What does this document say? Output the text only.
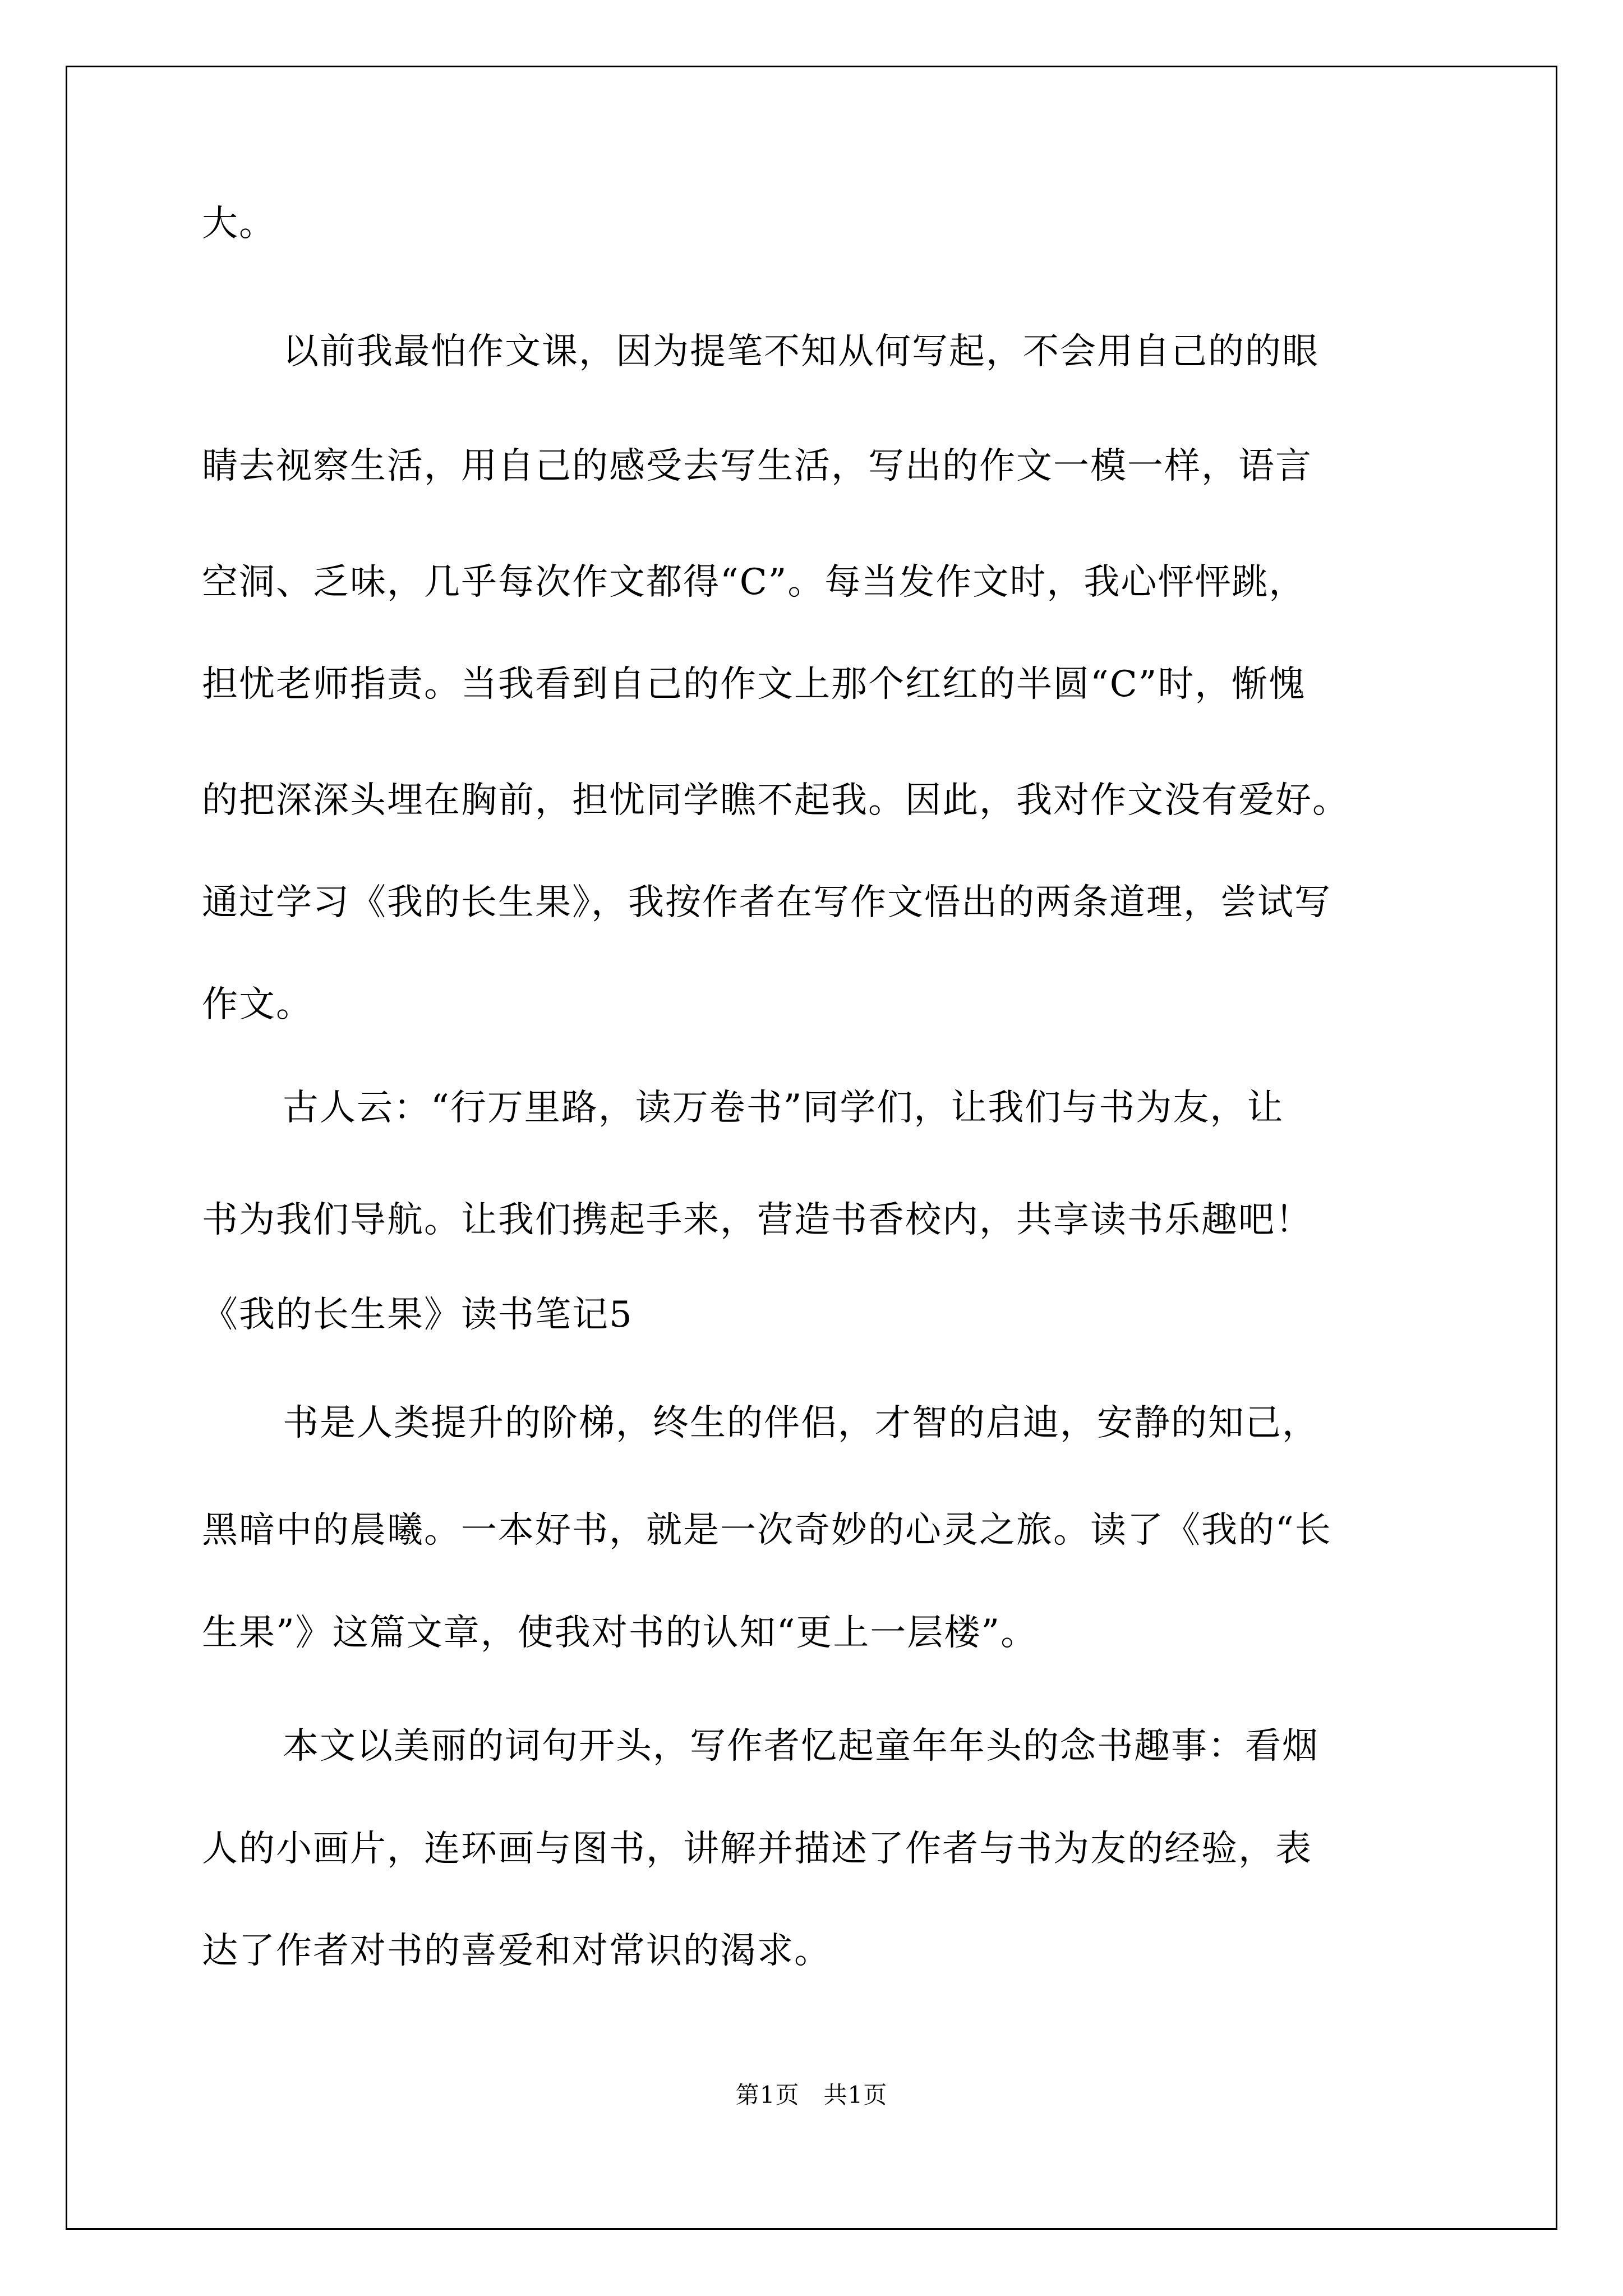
大。
以前我最怕作文课，因为提笔不知从何写起，不会用自己的的眼
睛去视察生活，用自己的感受去写生活，写出的作文一模一样，语言
空洞、乏味，几乎每次作文都得“C”。每当发作文时，我心怦怦跳，
担忧老师指责。当我看到自己的作文上那个红红的半圆“C”时，惭愧
的把深深头埋在胸前，担忧同学瞧不起我。因此，我对作文没有爱好。
通过学习《我的长生果》，我按作者在写作文悟出的两条道理，尝试写
作文。
古人云：“行万里路，读万卷书”同学们，让我们与书为友，让
书为我们导航。让我们携起手来，营造书香校内，共享读书乐趣吧！
《我的长生果》读书笔记5
书是人类提升的阶梯，终生的伴侣，才智的启迪，安静的知己，
黑暗中的晨曦。一本好书，就是一次奇妙的心灵之旅。读了《我的“长
生果”》这篇文章，使我对书的认知“更上一层楼”。
本文以美丽的词句开头，写作者忆起童年年头的念书趣事：看烟
人的小画片，连环画与图书，讲解并描述了作者与书为友的经验，表
达了作者对书的喜爱和对常识的渴求。
第1页　共1页
